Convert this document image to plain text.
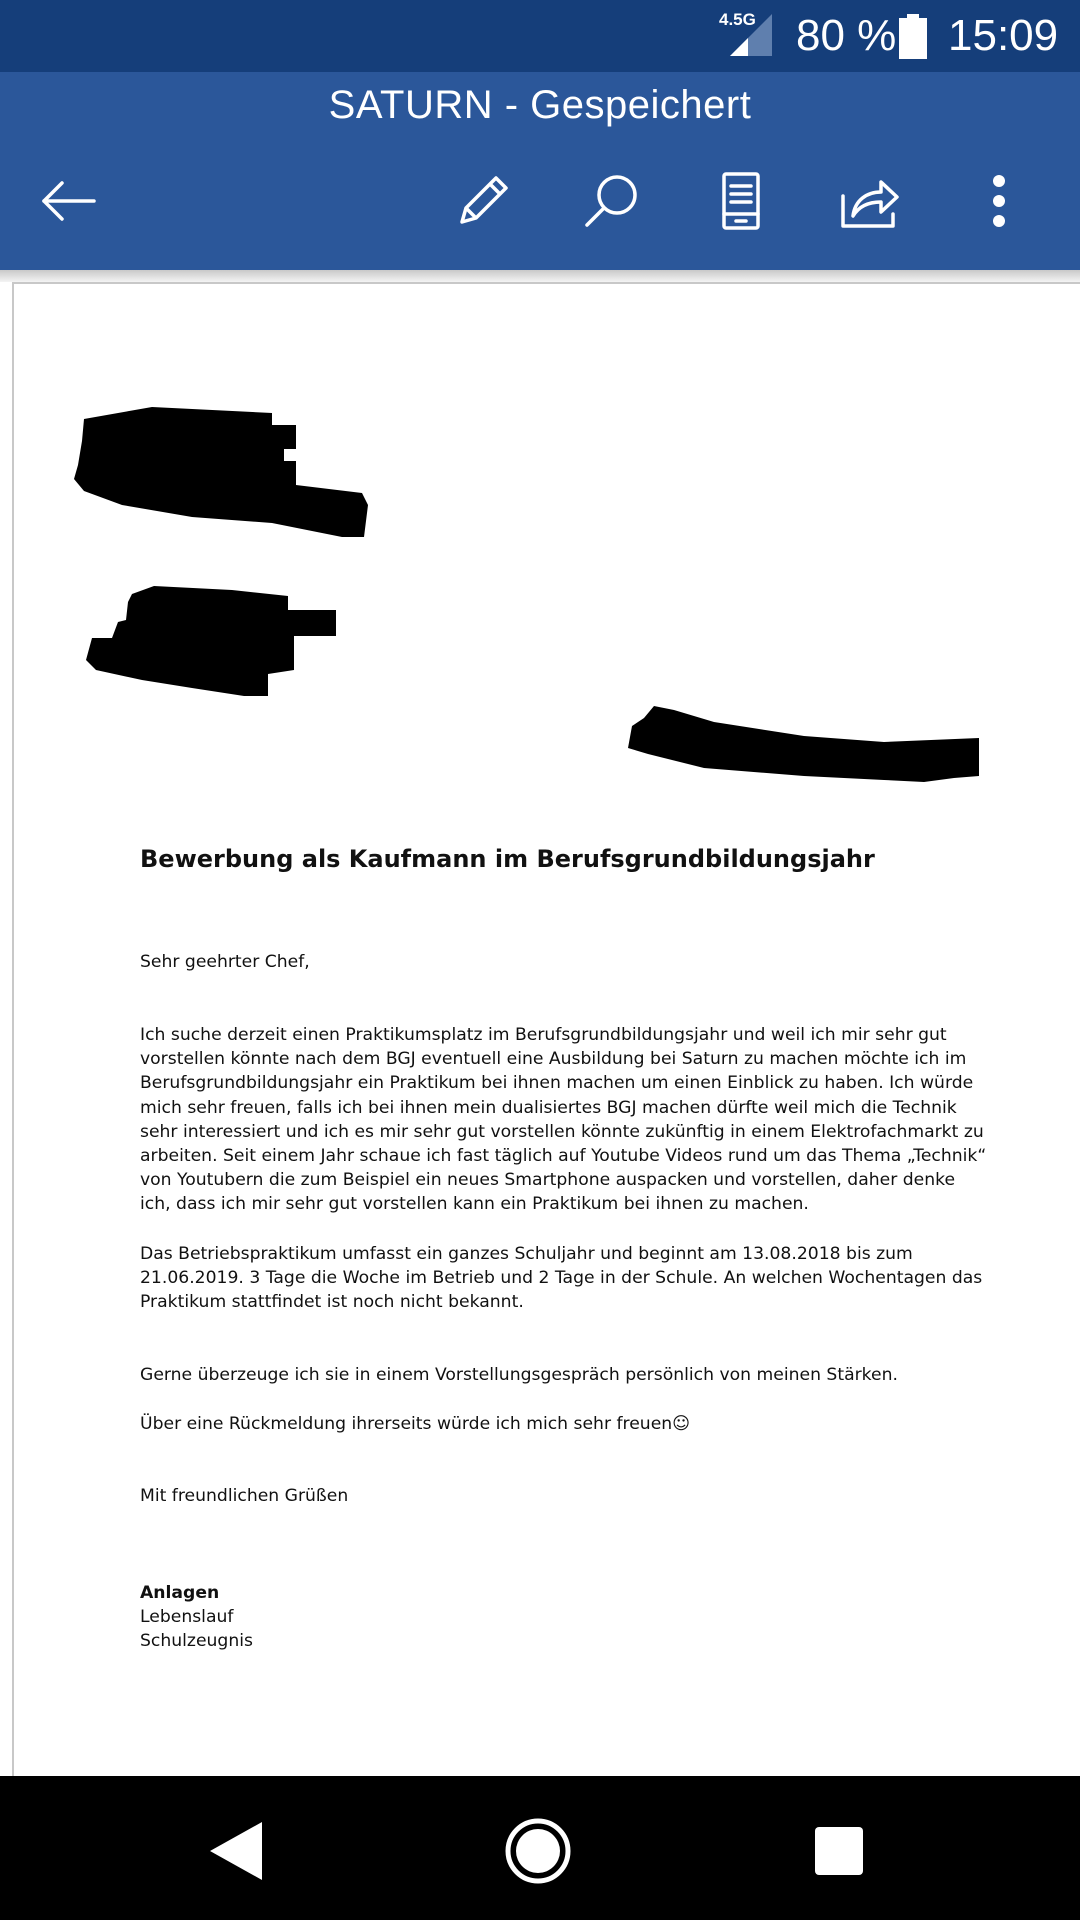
4.5G 80 % 15:09
SATURN - Gespeichert
Bewerbung als Kaufmann im Berufsgrundbildungsjahr
Sehr geehrter Chef,
Ich suche derzeit einen Praktikumsplatz im Berufsgrundbildungsjahr und weil ich mir sehr gut vorstellen könnte nach dem BGJ eventuell eine Ausbildung bei Saturn zu machen möchte ich im Berufsgrundbildungsjahr ein Praktikum bei ihnen machen um einen Einblick zu haben. Ich würde mich sehr freuen, falls ich bei ihnen mein dualisiertes BGJ machen dürfte weil mich die Technik sehr interessiert und ich es mir sehr gut vorstellen könnte zukünftig in einem Elektrofachmarkt zu arbeiten. Seit einem Jahr schaue ich fast täglich auf Youtube Videos rund um das Thema „Technik“ von Youtubern die zum Beispiel ein neues Smartphone auspacken und vorstellen, daher denke ich, dass ich mir sehr gut vorstellen kann ein Praktikum bei ihnen zu machen.
Das Betriebspraktikum umfasst ein ganzes Schuljahr und beginnt am 13.08.2018 bis zum 21.06.2019. 3 Tage die Woche im Betrieb und 2 Tage in der Schule. An welchen Wochentagen das Praktikum stattfindet ist noch nicht bekannt.
Gerne überzeuge ich sie in einem Vorstellungsgespräch persönlich von meinen Stärken.
Über eine Rückmeldung ihrerseits würde ich mich sehr freuen☺
Mit freundlichen Grüßen
Anlagen
Lebenslauf
Schulzeugnis
